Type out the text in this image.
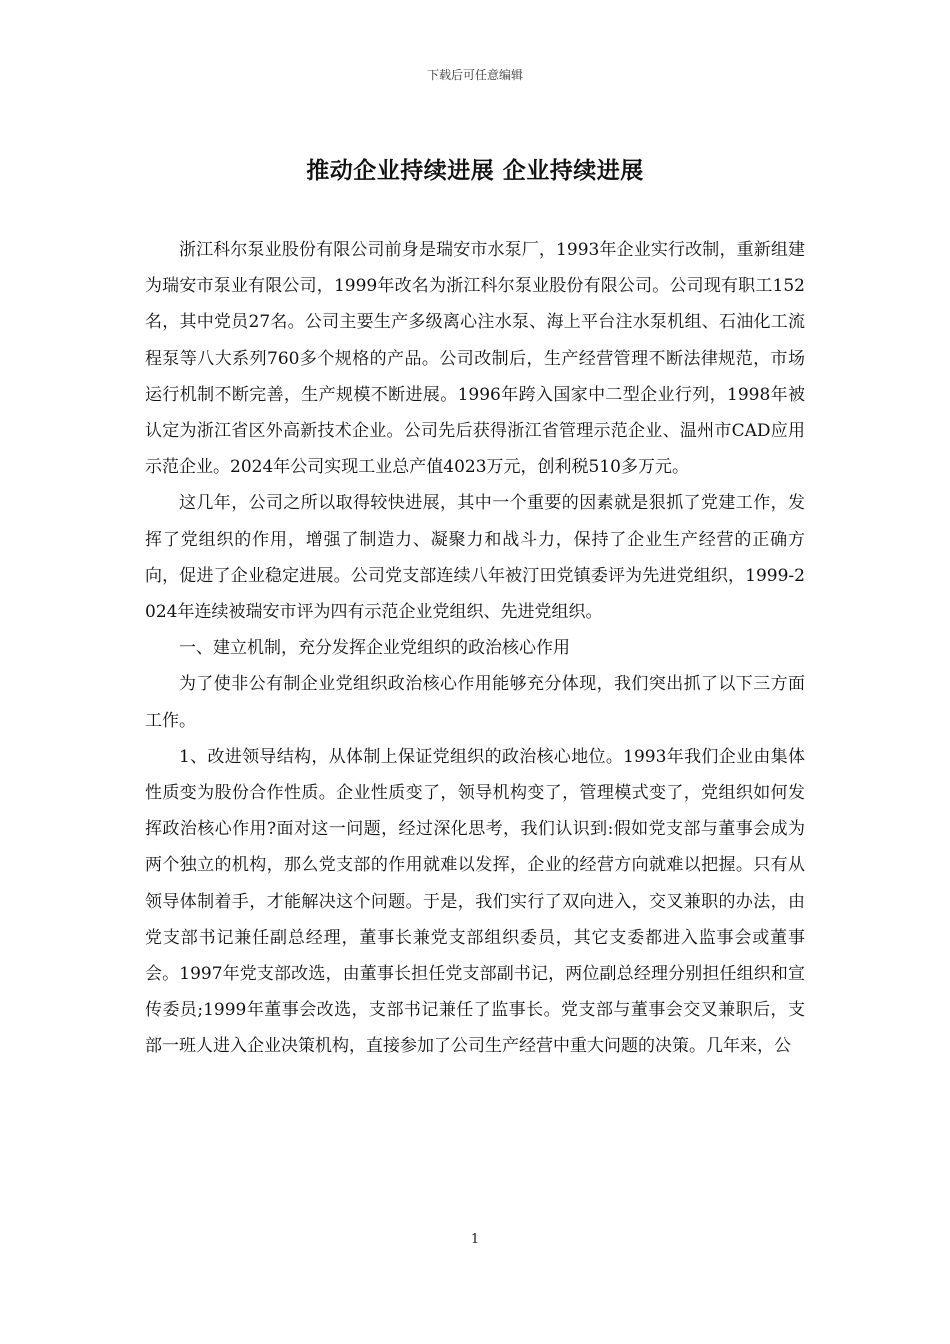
下载后可任意编辑
推动企业持续进展 企业持续进展

浙江科尔泵业股份有限公司前身是瑞安市水泵厂，1993年企业实行改制，重新组建为瑞安市泵业有限公司，1999年改名为浙江科尔泵业股份有限公司。公司现有职工152名，其中党员27名。公司主要生产多级离心注水泵、海上平台注水泵机组、石油化工流程泵等八大系列760多个规格的产品。公司改制后，生产经营管理不断法律规范，市场运行机制不断完善，生产规模不断进展。1996年跨入国家中二型企业行列，1998年被认定为浙江省区外高新技术企业。公司先后获得浙江省管理示范企业、温州市CAD应用示范企业。2024年公司实现工业总产值4023万元，创利税510多万元。

这几年，公司之所以取得较快进展，其中一个重要的因素就是狠抓了党建工作，发挥了党组织的作用，增强了制造力、凝聚力和战斗力，保持了企业生产经营的正确方向，促进了企业稳定进展。公司党支部连续八年被汀田党镇委评为先进党组织，1999-2024年连续被瑞安市评为四有示范企业党组织、先进党组织。

一、建立机制，充分发挥企业党组织的政治核心作用

为了使非公有制企业党组织政治核心作用能够充分体现，我们突出抓了以下三方面工作。

1、改进领导结构，从体制上保证党组织的政治核心地位。1993年我们企业由集体性质变为股份合作性质。企业性质变了，领导机构变了，管理模式变了，党组织如何发挥政治核心作用?面对这一问题，经过深化思考，我们认识到:假如党支部与董事会成为两个独立的机构，那么党支部的作用就难以发挥，企业的经营方向就难以把握。只有从领导体制着手，才能解决这个问题。于是，我们实行了双向进入，交叉兼职的办法，由党支部书记兼任副总经理，董事长兼党支部组织委员，其它支委都进入监事会或董事会。1997年党支部改选，由董事长担任党支部副书记，两位副总经理分别担任组织和宣传委员;1999年董事会改选，支部书记兼任了监事长。党支部与董事会交叉兼职后，支部一班人进入企业决策机构，直接参加了公司生产经营中重大问题的决策。几年来，公

1
